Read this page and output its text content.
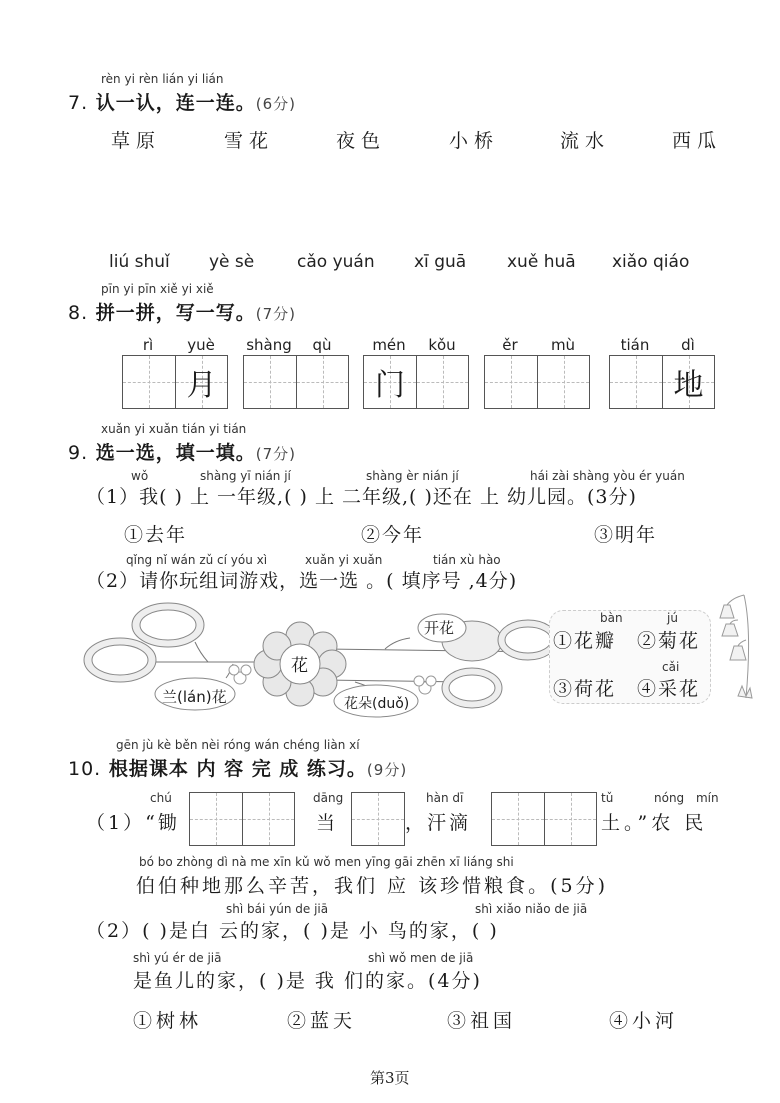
rèn yi rèn lián yi lián
7. 认一认，连一连。(6分)
草原	雪花	夜色	小桥	流水	西瓜
liú shuǐ yè sè	cǎo yuán xī guā xuě huā xiǎo qiáo
pīn yi pīn xiě yi xiě
8. 拼一拼，写一写。(7分)
rì	yuè
月
shàng	qù	mén	kǒu
门
ěr	mù	tián	dì
地
xuǎn yi xuǎn tián yi tián
9. 选一选，填一填。(7分)
wǒ	shàng yī nián jí	shàng èr nián jí	hái zài shàng yòu ér yuán
（1）我( ) 上 一年级,( ) 上 二年级,( )还在 上 幼儿园。(3分)
①去年	②今年	③明年
qǐng nǐ wán zǔ cí yóu xì	xuǎn yi xuǎn	tián xù hào
（2）请你玩组词游戏，选一选 。( 填序号 ,4分)
花
开花
兰(lán)花	花朵(duǒ)
bàn	jú
①花瓣 ②菊花
cǎi
③荷花 ④采花
gēn jù kè běn nèi róng wán chéng liàn xí
10. 根据课本 内 容 完 成 练习。(9分)
chú
（1）“锄
dāng
当
hàn dī
，汗滴
tǔ	nóng mín
土。”农 民
bó bo zhòng dì nà me xīn kǔ wǒ men yīng gāi zhēn xī liáng shi
伯伯种地那么辛苦，我们 应 该珍惜粮食。(5分)
shì bái yún de jiā	shì xiǎo niǎo de jiā
（2）( )是白 云的家，( )是 小 鸟的家，( )
shì yú ér de jiā	shì wǒ men de jiā
是鱼儿的家，( )是 我 们的家。(4分)
①树林	②蓝天	③祖国	④小河
第3页
